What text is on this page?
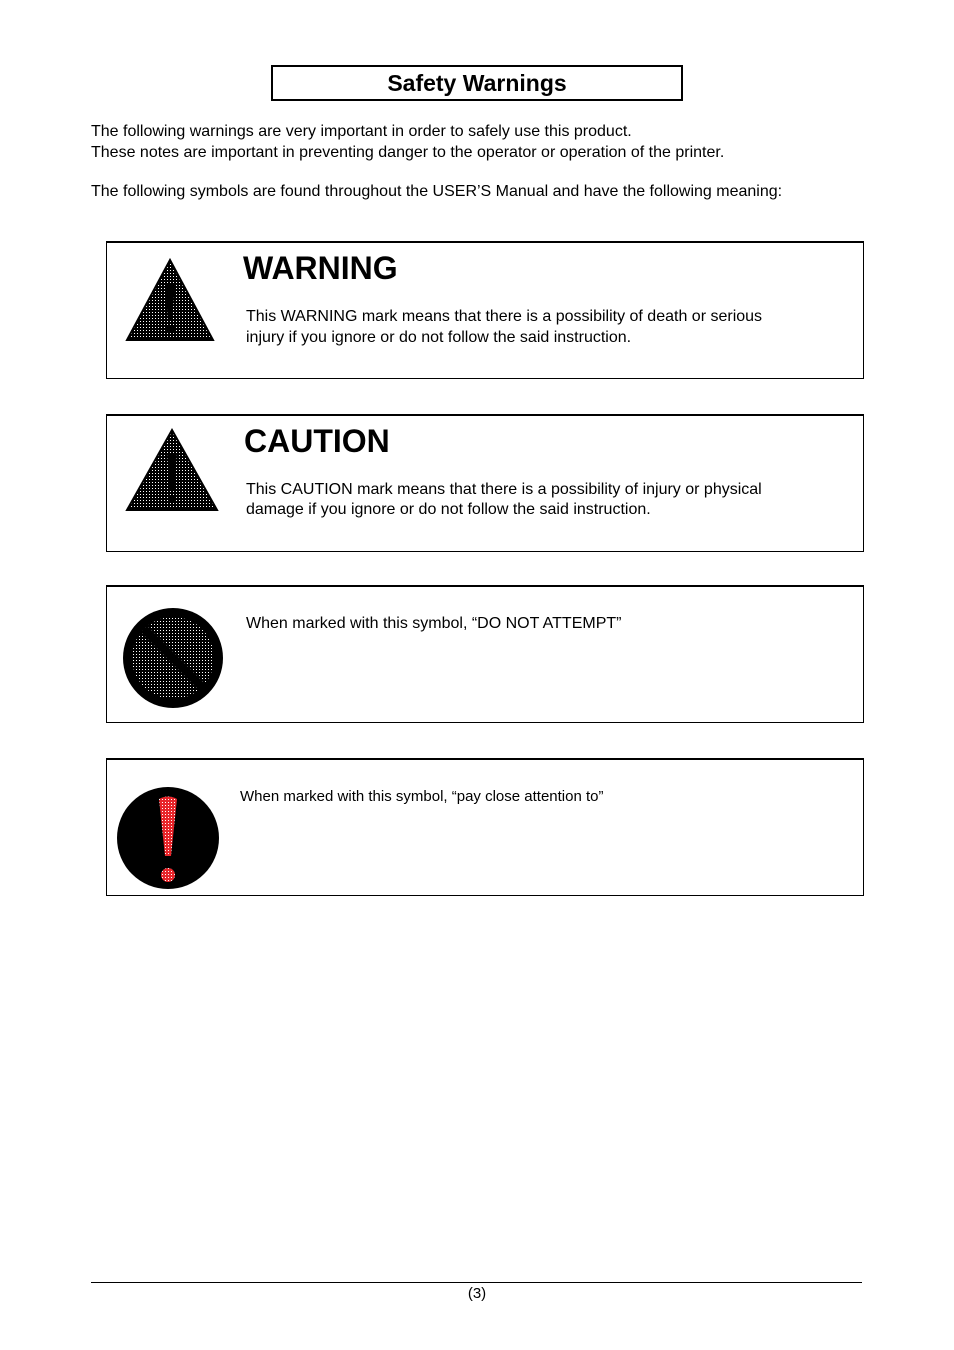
Safety Warnings
The following warnings are very important in order to safely use this product.
These notes are important in preventing danger to the operator or operation of the printer.
The following symbols are found throughout the USER’S Manual and have the following meaning:
WARNING
This WARNING mark means that there is a possibility of death or serious
injury if you ignore or do not follow the said instruction.
CAUTION
This CAUTION mark means that there is a possibility of injury or physical
damage if you ignore or do not follow the said instruction.
When marked with this symbol, “DO NOT ATTEMPT”
When marked with this symbol, “pay close attention to”
(3)
